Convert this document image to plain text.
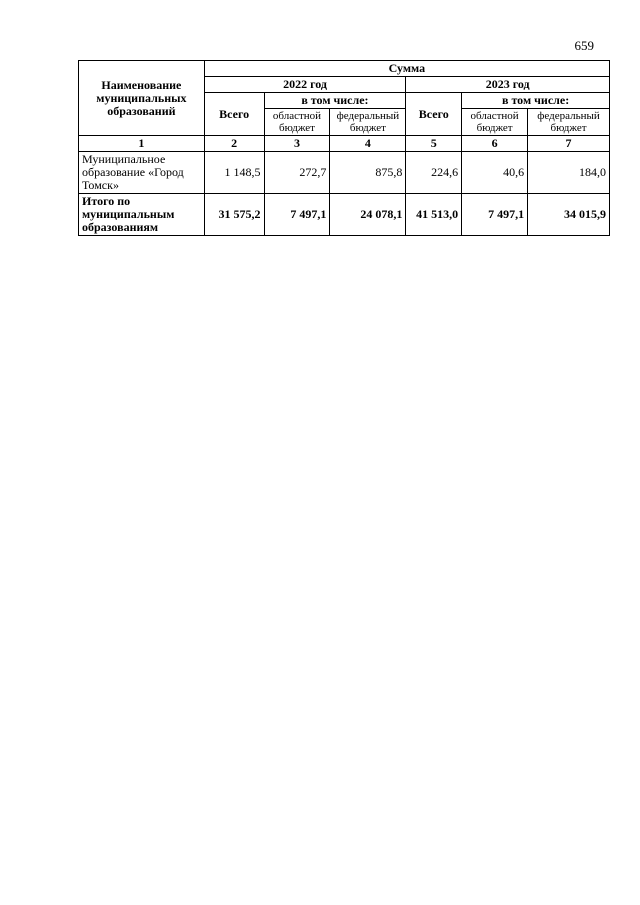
659
Наименование муниципальных образований	Сумма					
	2022 год			2023 год		
	Всего	в том числе:		Всего	в том числе:	
		областной бюджет	федеральный бюджет		областной бюджет	федеральный бюджет
1	2	3	4	5	6	7
Муниципальное образование «Город Томск»	1 148,5	272,7	875,8	224,6	40,6	184,0
Итого по муниципальным образованиям	31 575,2	7 497,1	24 078,1	41 513,0	7 497,1	34 015,9
